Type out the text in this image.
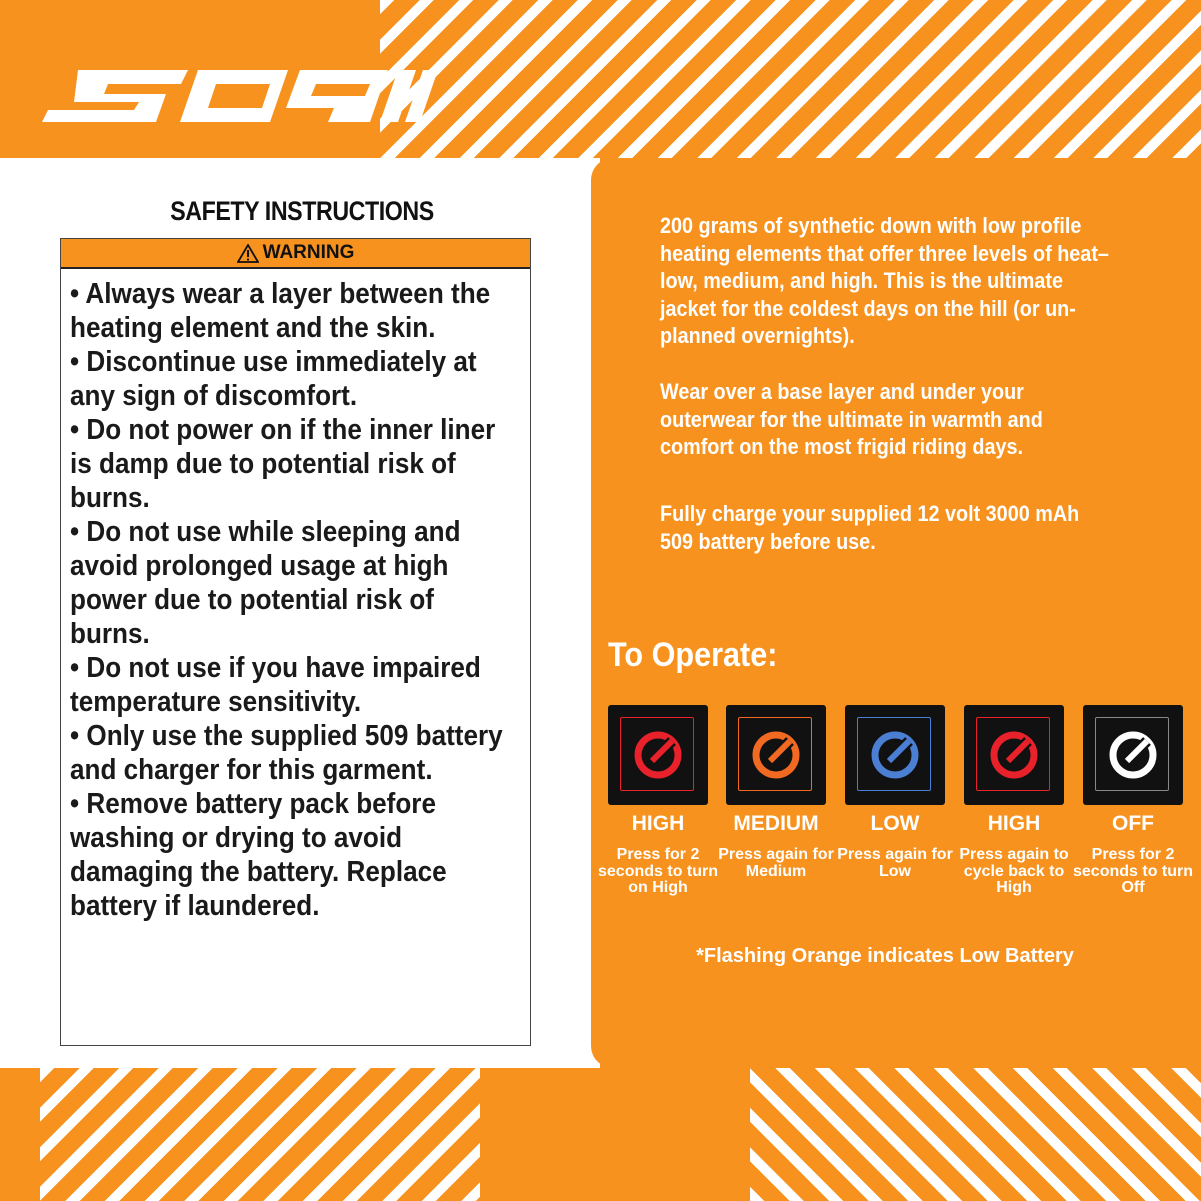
SAFETY INSTRUCTIONS
WARNING
• Always wear a layer between the heating element and the skin.
• Discontinue use immediately at any sign of discomfort.
• Do not power on if the inner liner is damp due to potential risk of burns.
• Do not use while sleeping and avoid prolonged usage at high power due to potential risk of burns.
• Do not use if you have impaired temperature sensitivity.
• Only use the supplied 509 battery and charger for this garment.
• Remove battery pack before washing or drying to avoid damaging the battery. Replace battery if laundered.

200 grams of synthetic down with low profile heating elements that offer three levels of heat–low, medium, and high. This is the ultimate jacket for the coldest days on the hill (or un-planned overnights).

Wear over a base layer and under your outerwear for the ultimate in warmth and comfort on the most frigid riding days.

Fully charge your supplied 12 volt 3000 mAh 509 battery before use.

To Operate:
HIGH
Press for 2 seconds to turn on High
MEDIUM
Press again for Medium
LOW
Press again for Low
HIGH
Press again to cycle back to High
OFF
Press for 2 seconds to turn Off
*Flashing Orange indicates Low Battery
